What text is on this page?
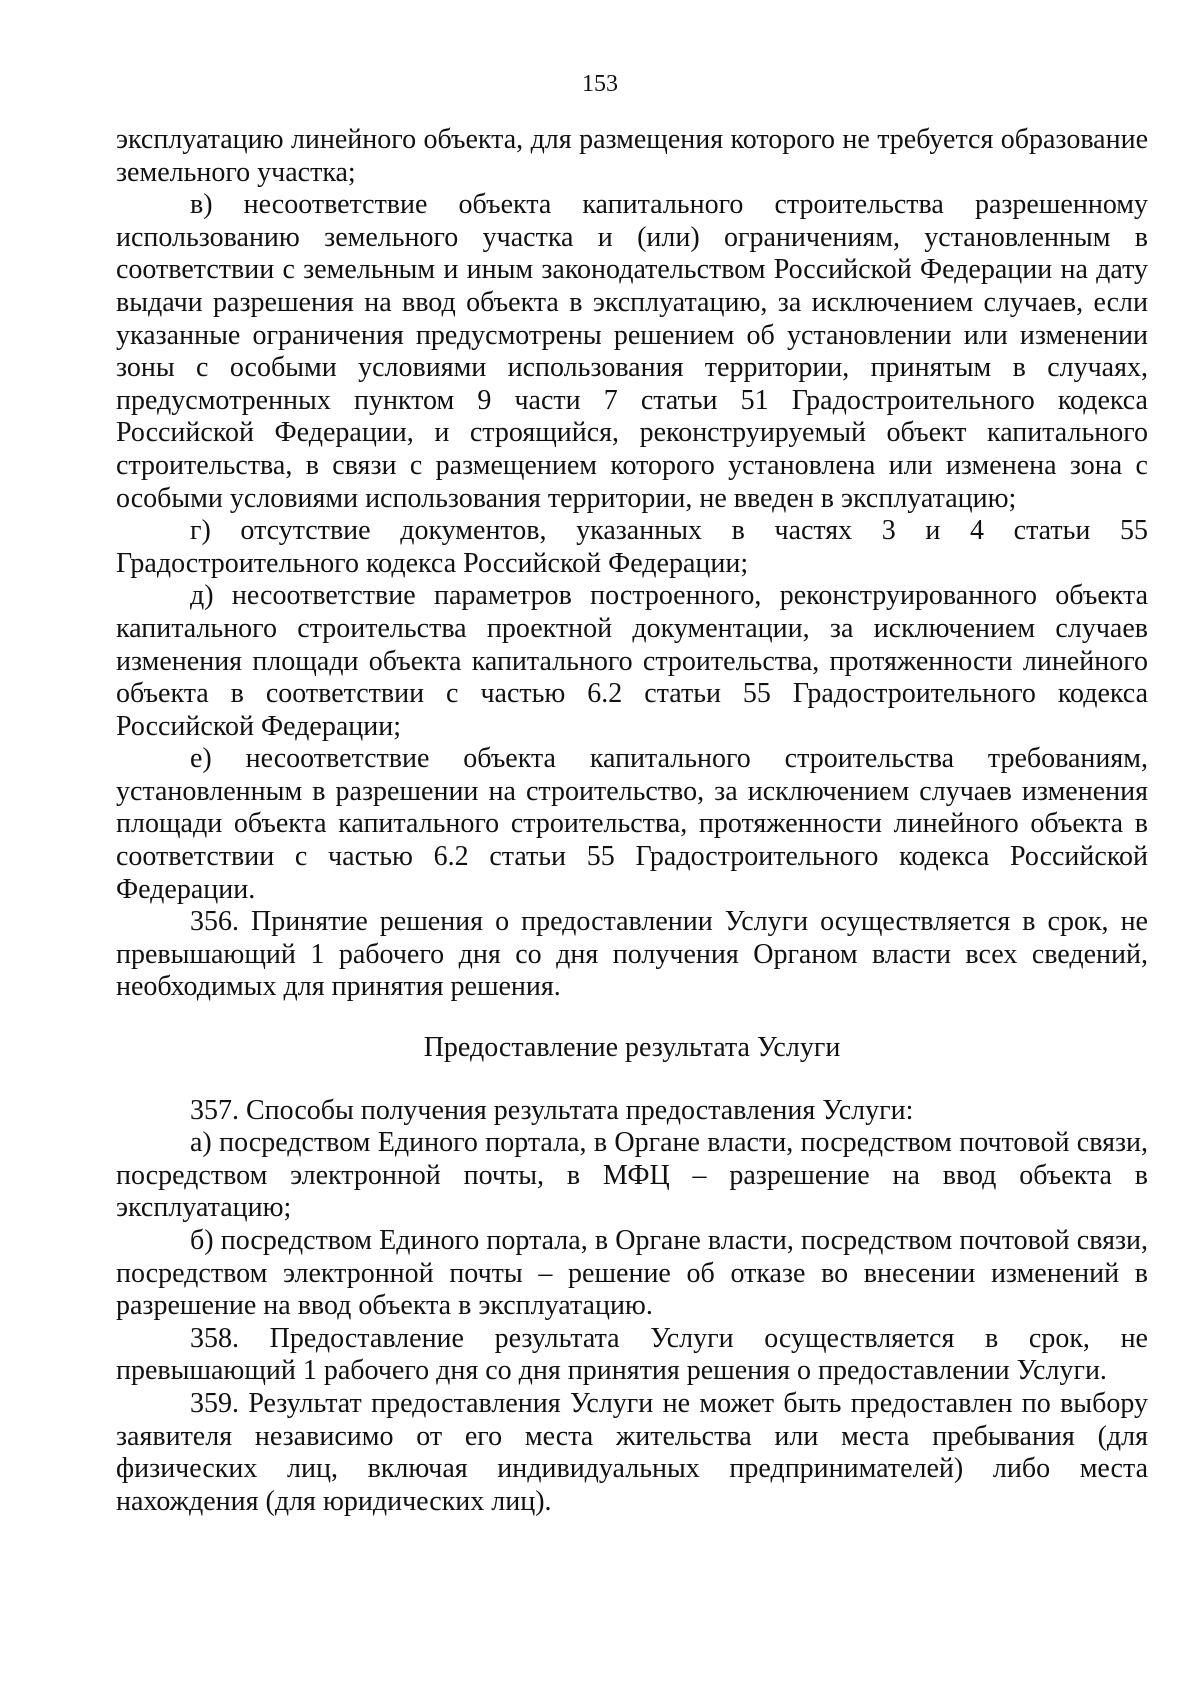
153

эксплуатацию линейного объекта, для размещения которого не требуется образование земельного участка;

в) несоответствие объекта капитального строительства разрешенному использованию земельного участка и (или) ограничениям, установленным в соответствии с земельным и иным законодательством Российской Федерации на дату выдачи разрешения на ввод объекта в эксплуатацию, за исключением случаев, если указанные ограничения предусмотрены решением об установлении или изменении зоны с особыми условиями использования территории, принятым в случаях, предусмотренных пунктом 9 части 7 статьи 51 Градостроительного кодекса Российской Федерации, и строящийся, реконструируемый объект капитального строительства, в связи с размещением которого установлена или изменена зона с особыми условиями использования территории, не введен в эксплуатацию;

г) отсутствие документов, указанных в частях 3 и 4 статьи 55 Градостроительного кодекса Российской Федерации;

д) несоответствие параметров построенного, реконструированного объекта капитального строительства проектной документации, за исключением случаев изменения площади объекта капитального строительства, протяженности линейного объекта в соответствии с частью 6.2 статьи 55 Градостроительного кодекса Российской Федерации;

е) несоответствие объекта капитального строительства требованиям, установленным в разрешении на строительство, за исключением случаев изменения площади объекта капитального строительства, протяженности линейного объекта в соответствии с частью 6.2 статьи 55 Градостроительного кодекса Российской Федерации.

356. Принятие решения о предоставлении Услуги осуществляется в срок, не превышающий 1 рабочего дня со дня получения Органом власти всех сведений, необходимых для принятия решения.

Предоставление результата Услуги

357. Способы получения результата предоставления Услуги:

а) посредством Единого портала, в Органе власти, посредством почтовой связи, посредством электронной почты, в МФЦ – разрешение на ввод объекта в эксплуатацию;

б) посредством Единого портала, в Органе власти, посредством почтовой связи, посредством электронной почты – решение об отказе во внесении изменений в разрешение на ввод объекта в эксплуатацию.

358. Предоставление результата Услуги осуществляется в срок, не превышающий 1 рабочего дня со дня принятия решения о предоставлении Услуги.

359. Результат предоставления Услуги не может быть предоставлен по выбору заявителя независимо от его места жительства или места пребывания (для физических лиц, включая индивидуальных предпринимателей) либо места нахождения (для юридических лиц).
